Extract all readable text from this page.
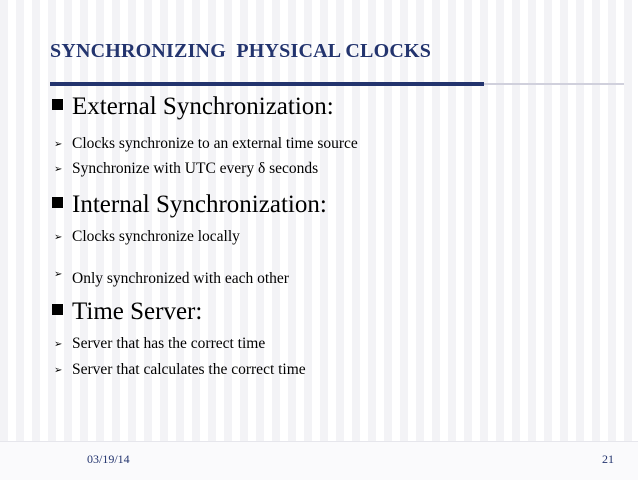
SYNCHRONIZING  PHYSICAL CLOCKS
External Synchronization:
➢ Clocks synchronize to an external time source
➢ Synchronize with UTC every δ seconds
Internal Synchronization:
➢ Clocks synchronize locally
➢ Only synchronized with each other
Time Server:
➢ Server that has the correct time
➢ Server that calculates the correct time
03/19/14	21
